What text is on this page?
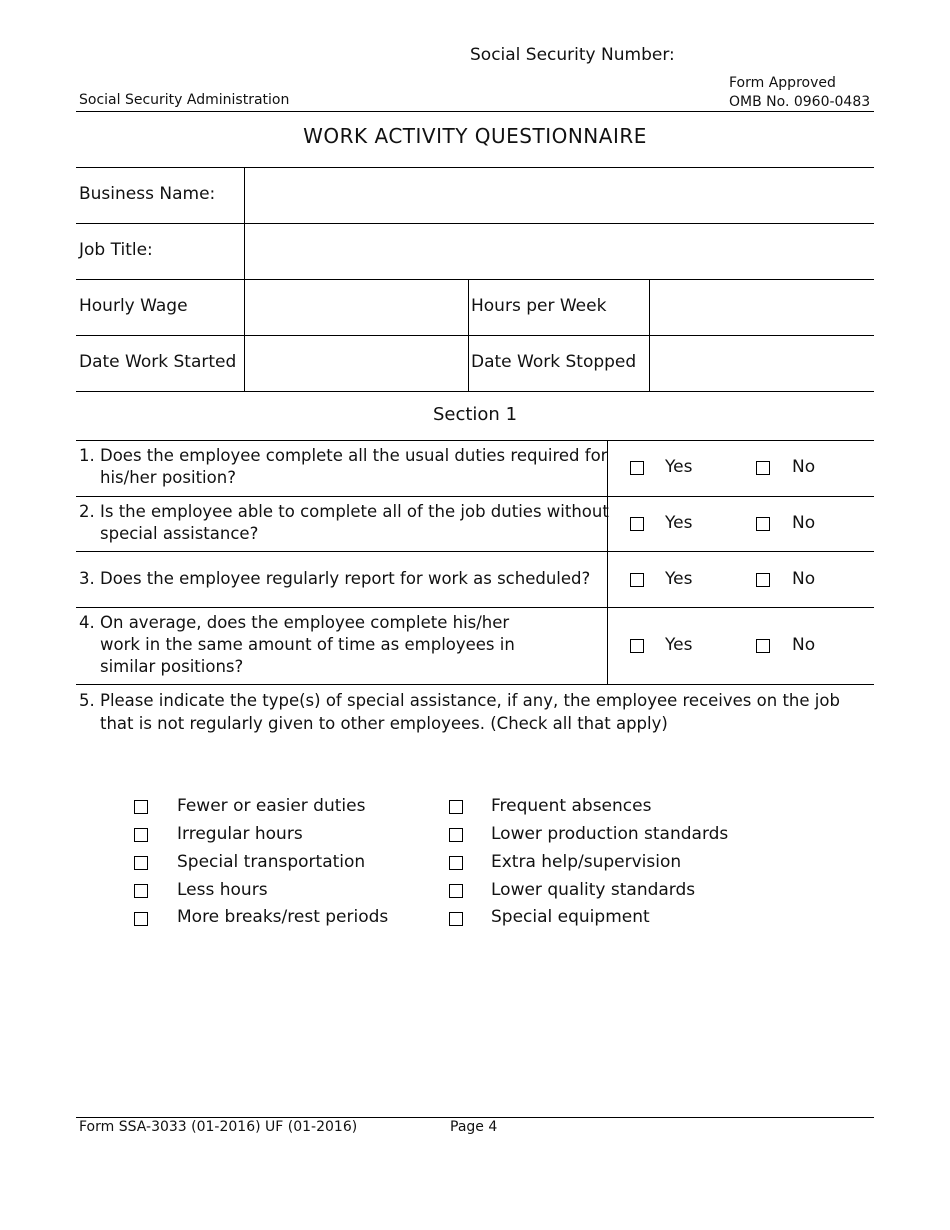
Social Security Number:
Social Security Administration
Form Approved
OMB No. 0960-0483
WORK ACTIVITY QUESTIONNAIRE
Business Name:
Job Title:
Hourly Wage	Hours per Week
Date Work Started	Date Work Stopped
Section 1
1. Does the employee complete all the usual duties required for
his/her position?
Yes	No
2. Is the employee able to complete all of the job duties without
special assistance?
Yes	No
3. Does the employee regularly report for work as scheduled?	Yes	No
4. On average, does the employee complete his/her
work in the same amount of time as employees in
similar positions?
Yes	No
5. Please indicate the type(s) of special assistance, if any, the employee receives on the job
that is not regularly given to other employees. (Check all that apply)
Fewer or easier duties
Irregular hours
Special transportation
Less hours
More breaks/rest periods
Frequent absences
Lower production standards
Extra help/supervision
Lower quality standards
Special equipment
Form SSA-3033 (01-2016) UF (01-2016)	Page 4
